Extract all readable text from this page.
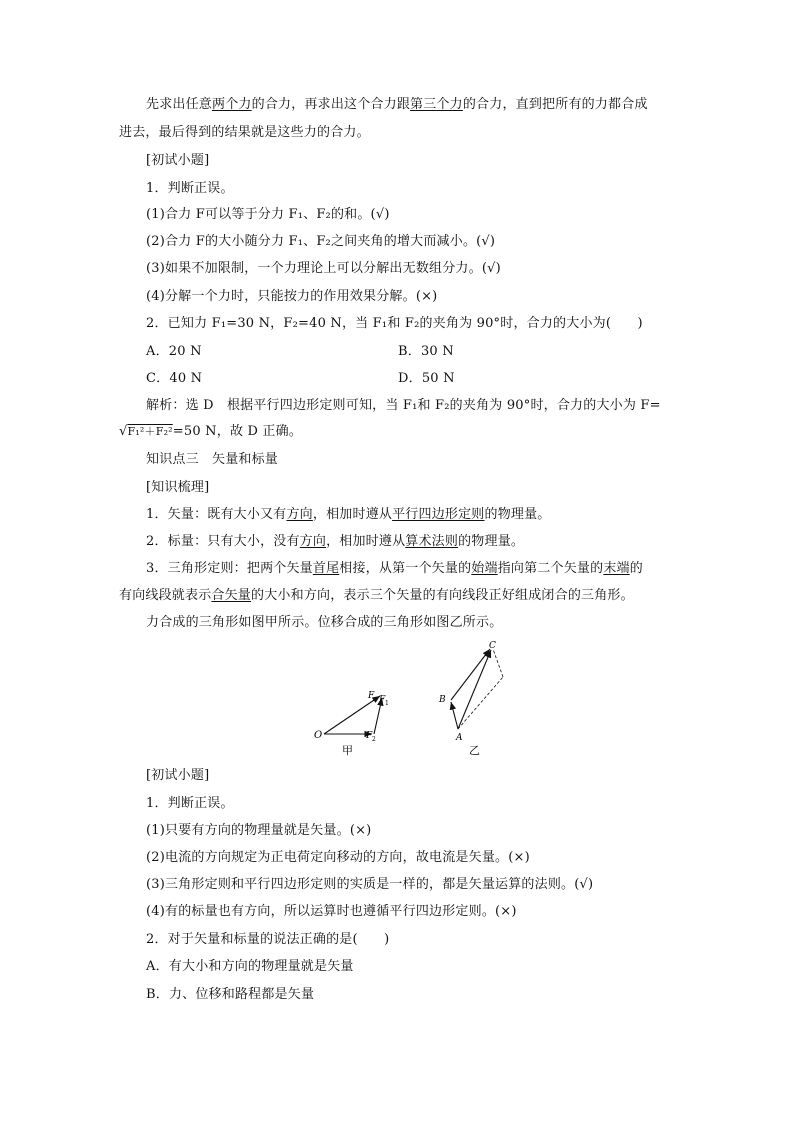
先求出任意两个力的合力，再求出这个合力跟第三个力的合力，直到把所有的力都合成
进去，最后得到的结果就是这些力的合力。
[初试小题]
1．判断正误。
(1)合力 F可以等于分力 F₁、F₂的和。(√)
(2)合力 F的大小随分力 F₁、F₂之间夹角的增大而减小。(√)
(3)如果不加限制，一个力理论上可以分解出无数组分力。(√)
(4)分解一个力时，只能按力的作用效果分解。(×)
2．已知力 F₁=30 N，F₂=40 N，当 F₁和 F₂的夹角为 90°时，合力的大小为(　　)
A．20 N	B．30 N
C．40 N	D．50 N
解析：选 D　根据平行四边形定则可知，当 F₁和 F₂的夹角为 90°时，合力的大小为 F=
√F₁²＋F₂²=50 N，故 D 正确。
知识点三　矢量和标量
[知识梳理]
1．矢量：既有大小又有方向，相加时遵从平行四边形定则的物理量。
2．标量：只有大小，没有方向，相加时遵从算术法则的物理量。
3．三角形定则：把两个矢量首尾相接，从第一个矢量的始端指向第二个矢量的末端的
有向线段就表示合矢量的大小和方向，表示三个矢量的有向线段正好组成闭合的三角形。
力合成的三角形如图甲所示。位移合成的三角形如图乙所示。
O
F F 1
F 2
甲
A
B
C
乙
[初试小题]
1．判断正误。
(1)只要有方向的物理量就是矢量。(×)
(2)电流的方向规定为正电荷定向移动的方向，故电流是矢量。(×)
(3)三角形定则和平行四边形定则的实质是一样的，都是矢量运算的法则。(√)
(4)有的标量也有方向，所以运算时也遵循平行四边形定则。(×)
2．对于矢量和标量的说法正确的是(　　)
A．有大小和方向的物理量就是矢量
B．力、位移和路程都是矢量
